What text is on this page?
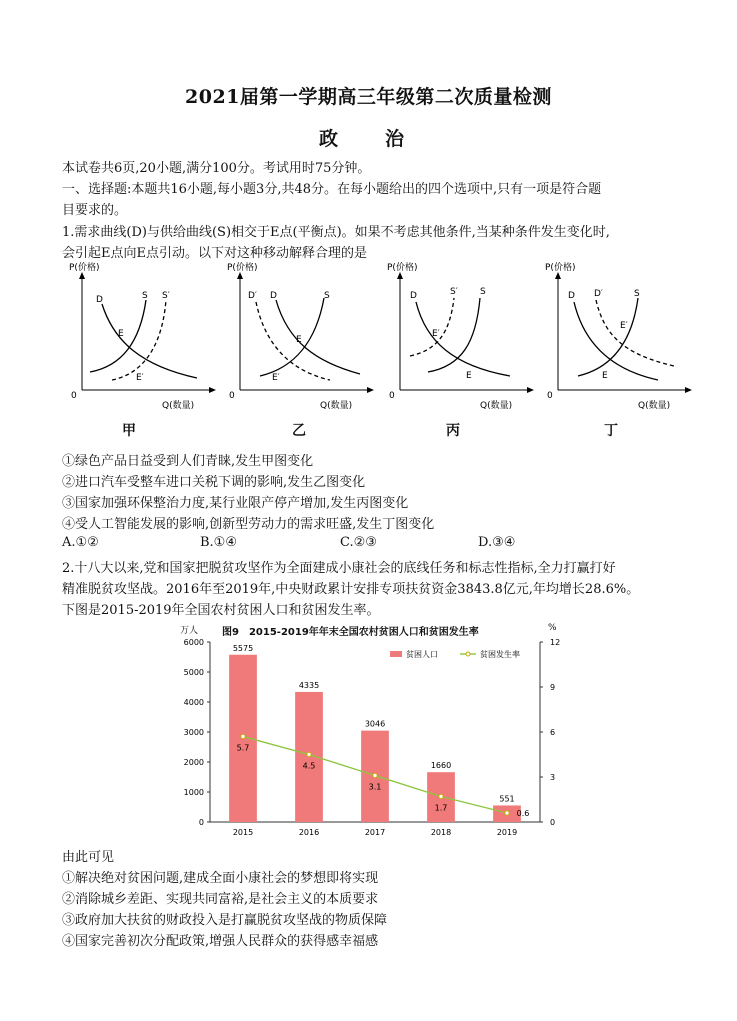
2021届第一学期高三年级第二次质量检测
政　治
本试卷共6页,20小题,满分100分。考试用时75分钟。
一、选择题:本题共16小题,每小题3分,共48分。在每小题给出的四个选项中,只有一项是符合题
目要求的。
1.需求曲线(D)与供给曲线(S)相交于E点(平衡点)。如果不考虑其他条件,当某种条件发生变化时,
会引起E点向E点引动。以下对这种移动解释合理的是
P(价格)
0
D	S S′
E
E′
Q(数量)
甲
P(价格)
0
D′ D	S
E
E′
Q(数量)
乙
P(价格)
0
D	S′ S
E′
E
Q(数量)
丙
P(价格)
0
D D′	S
E′
E
Q(数量)
丁
①绿色产品日益受到人们青睐,发生甲图变化
②进口汽车受整车进口关税下调的影响,发生乙图变化
③国家加强环保整治力度,某行业限产停产增加,发生丙图变化
④受人工智能发展的影响,创新型劳动力的需求旺盛,发生丁图变化
A.①②	B.①④	C.②③	D.③④
2.十八大以来,党和国家把脱贫攻坚作为全面建成小康社会的底线任务和标志性指标,全力打赢打好
精准脱贫攻坚战。2016年至2019年,中央财政累计安排专项扶贫资金3843.8亿元,年均增长28.6%。
下图是2015-2019年全国农村贫困人口和贫困发生率。
万人 图9　2015-2019年年末全国农村贫困人口和贫困发生率	%
0
1000
2000
3000
4000
5000
6000
0
3
6
9
12
5575
2015
4335
2016
3046
2017
1660
2018
551
2019
5.7
4.5
3.1
1.7
0.6
贫困人口	贫困发生率
由此可见
①解决绝对贫困问题,建成全面小康社会的梦想即将实现
②消除城乡差距、实现共同富裕,是社会主义的本质要求
③政府加大扶贫的财政投入是打赢脱贫攻坚战的物质保障
④国家完善初次分配政策,增强人民群众的获得感幸福感
